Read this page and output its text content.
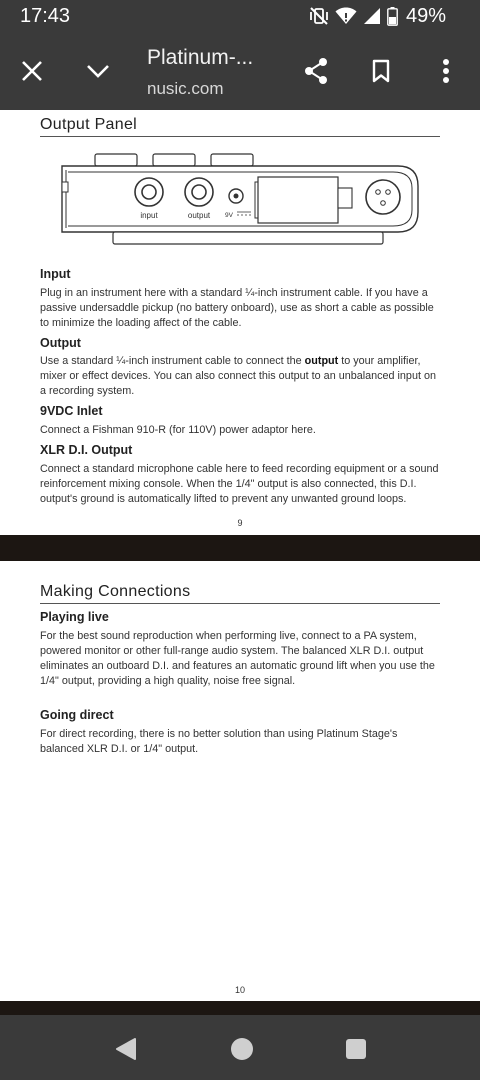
17:43	49%
Platinum-...
nusic.com
Output Panel
input	output 9V
Input
Plug in an instrument here with a standard ¼-inch instrument cable. If you have a passive undersaddle pickup (no battery onboard), use as short a cable as possible to minimize the loading affect of the cable.
Output
Use a standard ¼-inch instrument cable to connect the output to your amplifier, mixer or effect devices. You can also connect this output to an unbalanced input on a recording system.
9VDC Inlet
Connect a Fishman 910-R (for 110V) power adaptor here.
XLR D.I. Output
Connect a standard microphone cable here to feed recording equipment or a sound reinforcement mixing console. When the 1/4" output is also connected, this D.I. output's ground is automatically lifted to prevent any unwanted ground loops.
9
Making Connections
Playing live
For the best sound reproduction when performing live, connect to a PA system, powered monitor or other full-range audio system. The balanced XLR D.I. output eliminates an outboard D.I. and features an automatic ground lift when you use the 1/4" output, providing a high quality, noise free signal.
Going direct
For direct recording, there is no better solution than using Platinum Stage's balanced XLR D.I. or 1/4" output.
10
